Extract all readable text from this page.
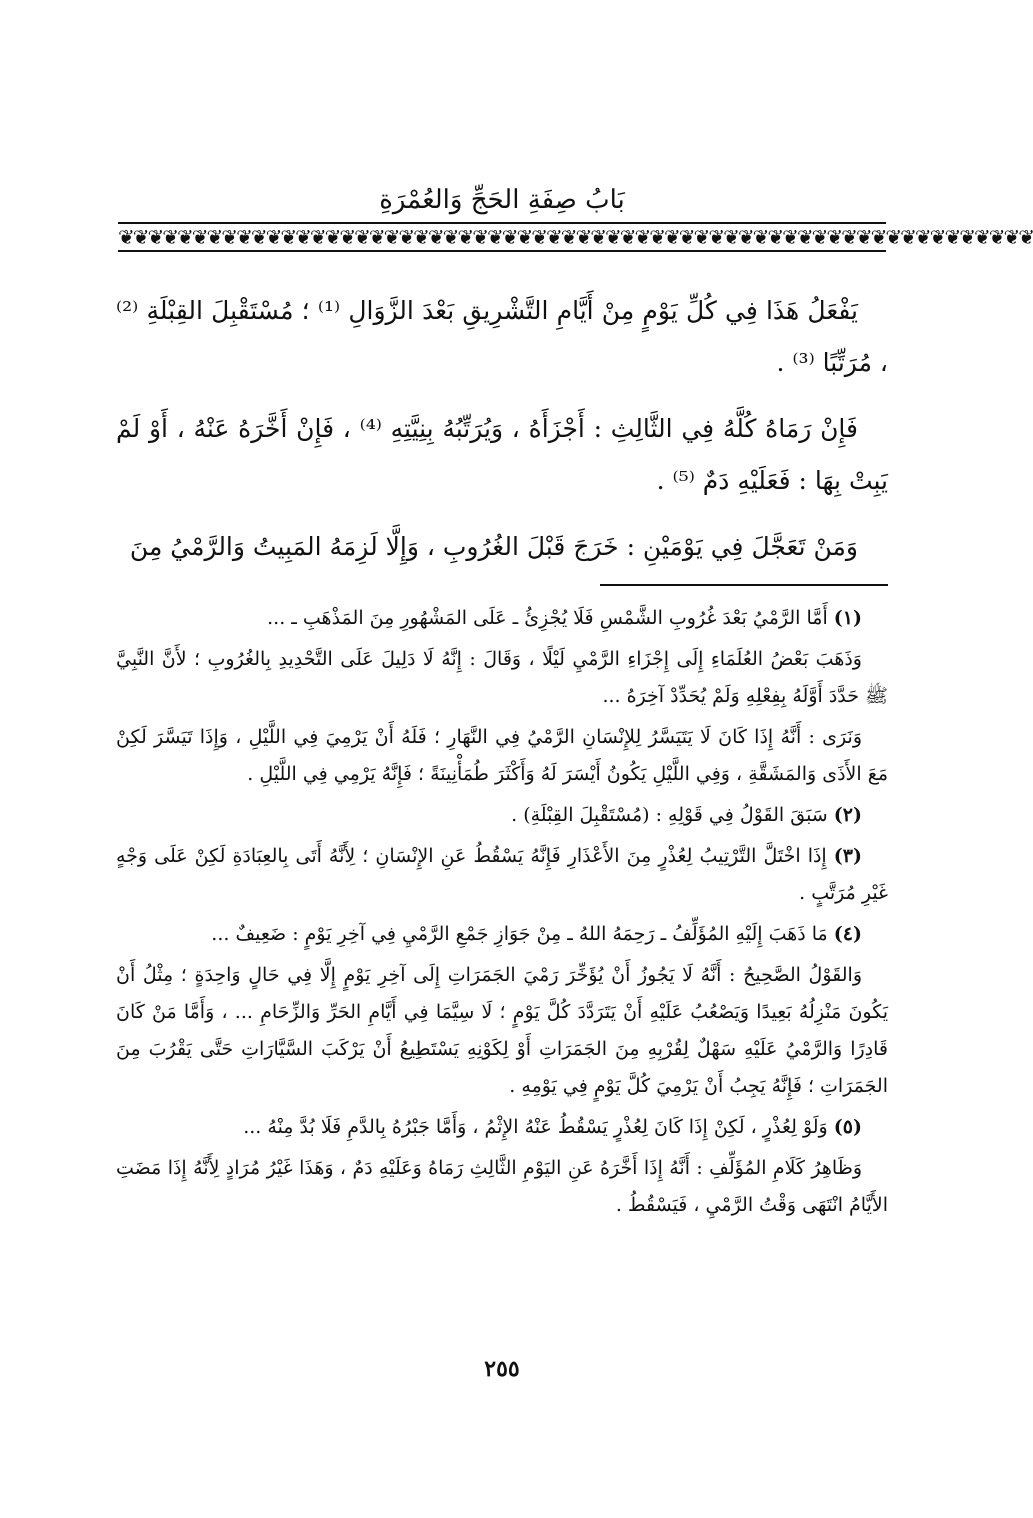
بَابُ صِفَةِ الحَجِّ وَالعُمْرَةِ
❦❦❦❦❦❦❦❦❦❦❦❦❦❦❦❦❦❦❦❦❦❦❦❦❦❦❦❦❦❦❦❦❦❦❦❦❦❦❦❦❦❦❦❦❦❦❦❦❦❦❦❦❦❦❦❦❦❦❦❦❦❦

يَفْعَلُ هَذَا فِي كُلِّ يَوْمٍ مِنْ أَيَّامِ التَّشْرِيقِ بَعْدَ الزَّوَالِ ⁽¹⁾ ؛ مُسْتَقْبِلَ القِبْلَةِ ⁽²⁾ ، مُرَتِّبًا ⁽³⁾ .

فَإِنْ رَمَاهُ كُلَّهُ فِي الثَّالِثِ : أَجْزَأَهُ ، وَيُرَتِّبُهُ بِنِيَّتِهِ ⁽⁴⁾ ، فَإِنْ أَخَّرَهُ عَنْهُ ، أَوْ لَمْ يَبِتْ بِهَا : فَعَلَيْهِ دَمٌ ⁽⁵⁾ .

وَمَنْ تَعَجَّلَ فِي يَوْمَيْنِ : خَرَجَ قَبْلَ الغُرُوبِ ، وَإِلَّا لَزِمَهُ المَبِيتُ وَالرَّمْيُ مِنَ

(١) أَمَّا الرَّمْيُ بَعْدَ غُرُوبِ الشَّمْسِ فَلَا يُجْزِئُ ـ عَلَى المَشْهُورِ مِنَ المَذْهَبِ ـ ...

وَذَهَبَ بَعْضُ العُلَمَاءِ إِلَى إِجْزَاءِ الرَّمْيِ لَيْلًا ، وَقَالَ : إِنَّهُ لَا دَلِيلَ عَلَى التَّحْدِيدِ بِالغُرُوبِ ؛ لأَنَّ النَّبِيَّ ﷺ حَدَّدَ أَوَّلَهُ بِفِعْلِهِ وَلَمْ يُحَدِّدْ آخِرَهُ ...

وَنَرَى : أَنَّهُ إِذَا كَانَ لَا يَتَيَسَّرُ لِلإِنْسَانِ الرَّمْيُ فِي النَّهَارِ ؛ فَلَهُ أَنْ يَرْمِيَ فِي اللَّيْلِ ، وَإِذَا تَيَسَّرَ لَكِنْ مَعَ الأَذَى وَالمَشَقَّةِ ، وَفِي اللَّيْلِ يَكُونُ أَيْسَرَ لَهُ وَأَكْثَرَ طُمَأْنِينَةً ؛ فَإِنَّهُ يَرْمِي فِي اللَّيْلِ .

(٢) سَبَقَ القَوْلُ فِي قَوْلِهِ : (مُسْتَقْبِلَ القِبْلَةِ) .

(٣) إِذَا اخْتَلَّ التَّرْتِيبُ لِعُذْرٍ مِنَ الأَعْذَارِ فَإِنَّهُ يَسْقُطُ عَنِ الإِنْسَانِ ؛ لِأَنَّهُ أَتَى بِالعِبَادَةِ لَكِنْ عَلَى وَجْهٍ غَيْرِ مُرَتَّبٍ .

(٤) مَا ذَهَبَ إِلَيْهِ المُؤَلِّفُ ـ رَحِمَهُ اللهُ ـ مِنْ جَوَازِ جَمْعِ الرَّمْيِ فِي آخِرِ يَوْمٍ : ضَعِيفٌ ...

وَالقَوْلُ الصَّحِيحُ : أَنَّهُ لَا يَجُوزُ أَنْ يُؤَخِّرَ رَمْيَ الجَمَرَاتِ إِلَى آخِرِ يَوْمٍ إِلَّا فِي حَالٍ وَاحِدَةٍ ؛ مِثْلُ أَنْ يَكُونَ مَنْزِلُهُ بَعِيدًا وَيَصْعُبُ عَلَيْهِ أَنْ يَتَرَدَّدَ كُلَّ يَوْمٍ ؛ لَا سِيَّمَا فِي أَيَّامِ الحَرِّ وَالزِّحَامِ ... ، وَأَمَّا مَنْ كَانَ قَادِرًا وَالرَّمْيُ عَلَيْهِ سَهْلٌ لِقُرْبِهِ مِنَ الجَمَرَاتِ أَوْ لِكَوْنِهِ يَسْتَطِيعُ أَنْ يَرْكَبَ السَّيَّارَاتِ حَتَّى يَقْرُبَ مِنَ الجَمَرَاتِ ؛ فَإِنَّهُ يَجِبُ أَنْ يَرْمِيَ كُلَّ يَوْمٍ فِي يَوْمِهِ .

(٥) وَلَوْ لِعُذْرٍ ، لَكِنْ إِذَا كَانَ لِعُذْرٍ يَسْقُطُ عَنْهُ الإِثْمُ ، وَأَمَّا جَبْرُهُ بِالدَّمِ فَلَا بُدَّ مِنْهُ ...

وَظَاهِرُ كَلَامِ المُؤَلِّفِ : أَنَّهُ إِذَا أَخَّرَهُ عَنِ اليَوْمِ الثَّالِثِ رَمَاهُ وَعَلَيْهِ دَمٌ ، وَهَذَا غَيْرُ مُرَادٍ لِأَنَّهُ إِذَا مَضَتِ الأَيَّامُ انْتَهَى وَقْتُ الرَّمْيِ ، فَيَسْقُطُ .

٢٥٥
